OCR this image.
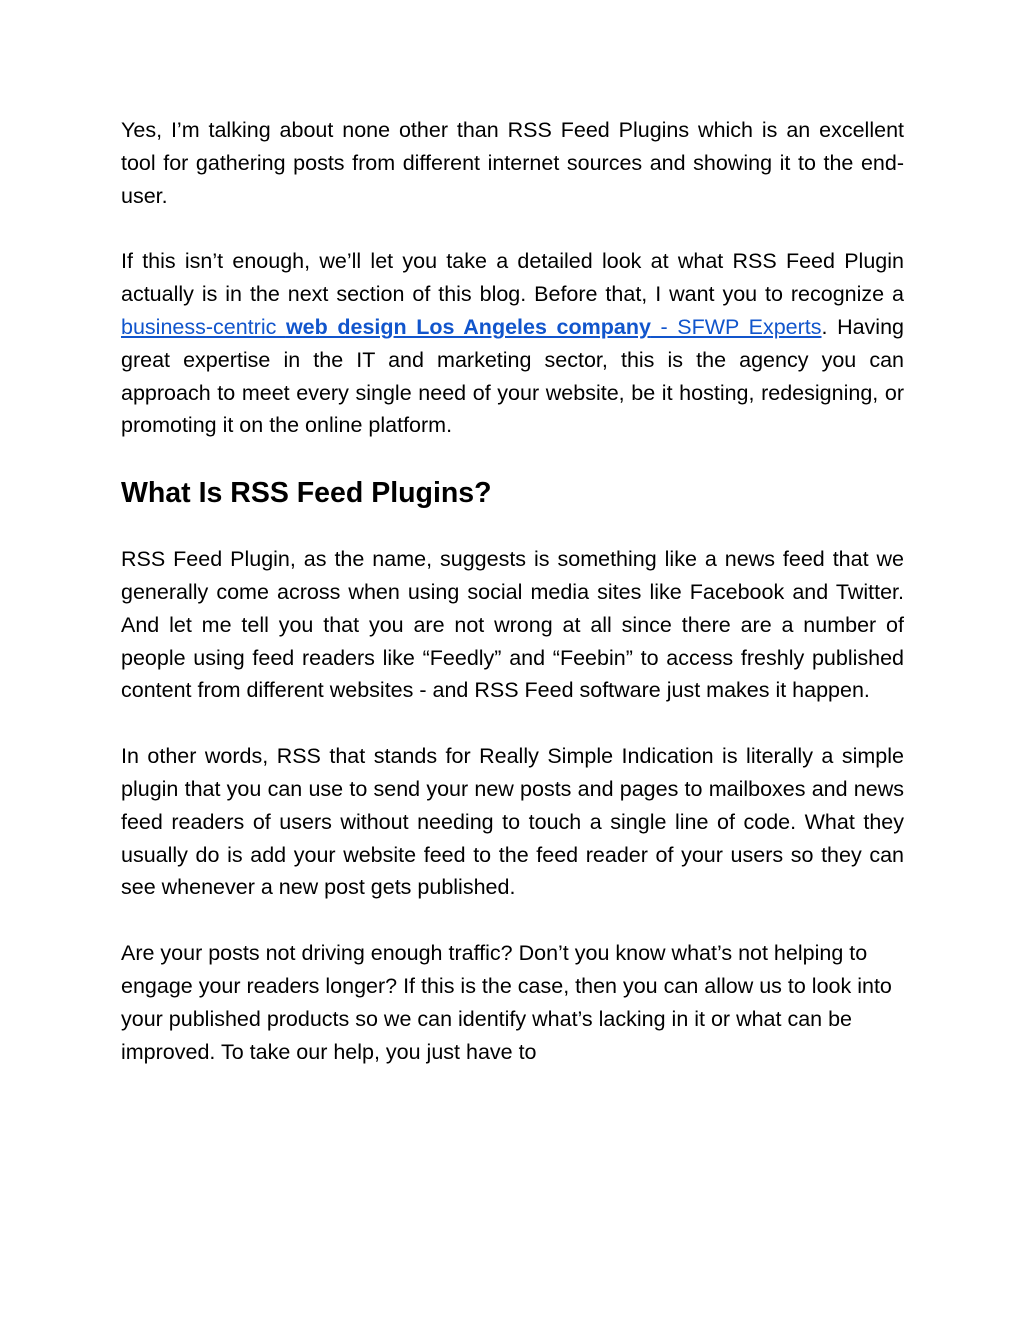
Yes, I’m talking about none other than RSS Feed Plugins which is an excellent tool for gathering posts from different internet sources and showing it to the end-user.

If this isn’t enough, we’ll let you take a detailed look at what RSS Feed Plugin actually is in the next section of this blog. Before that, I want you to recognize a business-centric web design Los Angeles company - SFWP Experts. Having great expertise in the IT and marketing sector, this is the agency you can approach to meet every single need of your website, be it hosting, redesigning, or promoting it on the online platform.

What Is RSS Feed Plugins?

RSS Feed Plugin, as the name, suggests is something like a news feed that we generally come across when using social media sites like Facebook and Twitter. And let me tell you that you are not wrong at all since there are a number of people using feed readers like “Feedly” and “Feebin” to access freshly published content from different websites - and RSS Feed software just makes it happen.

In other words, RSS that stands for Really Simple Indication is literally a simple plugin that you can use to send your new posts and pages to mailboxes and news feed readers of users without needing to touch a single line of code. What they usually do is add your website feed to the feed reader of your users so they can see whenever a new post gets published.

Are your posts not driving enough traffic? Don’t you know what’s not helping to engage your readers longer? If this is the case, then you can allow us to look into your published products so we can identify what’s lacking in it or what can be improved. To take our help, you just have to
